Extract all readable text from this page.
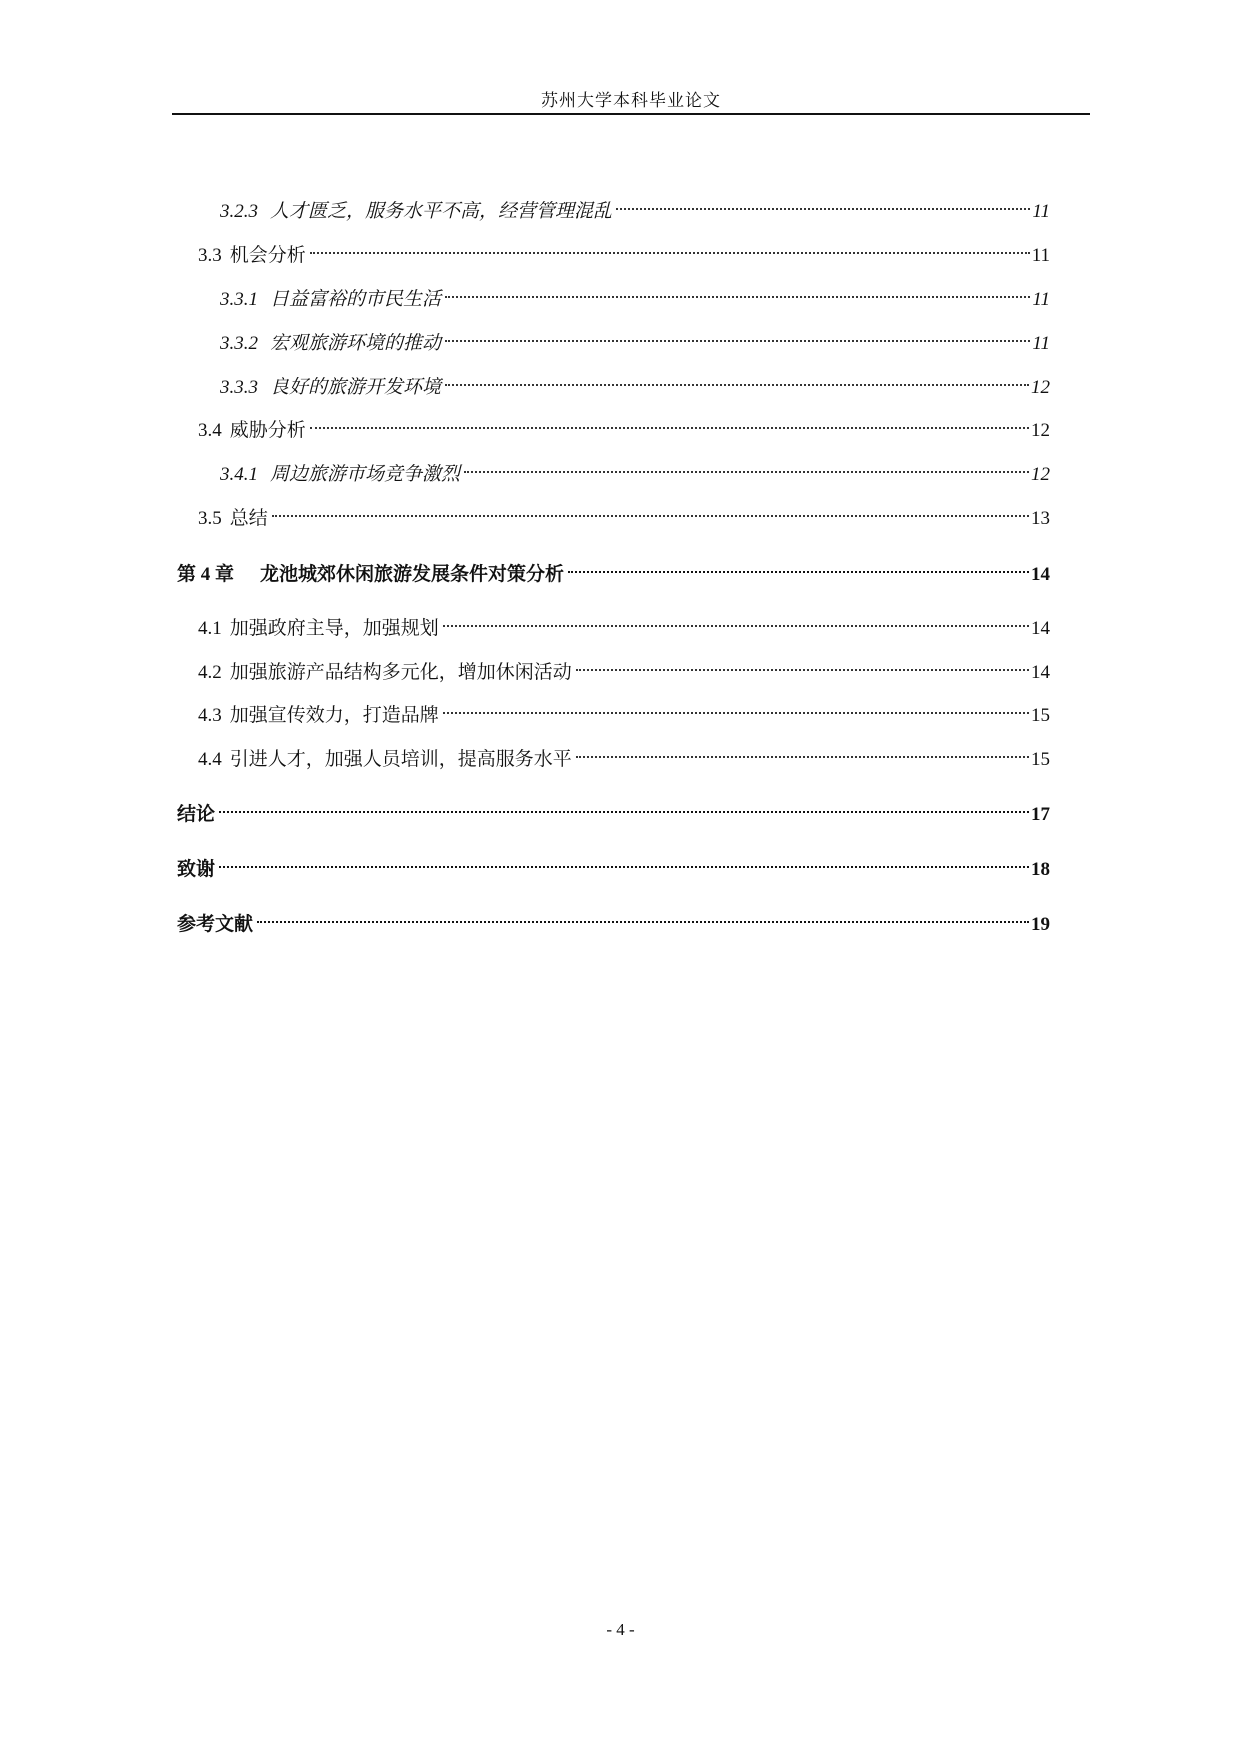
苏州大学本科毕业论文
3.2.3 人才匮乏，服务水平不高，经营管理混乱	11
3.3 机会分析	11
3.3.1 日益富裕的市民生活	11
3.3.2 宏观旅游环境的推动	11
3.3.3 良好的旅游开发环境	12
3.4 威胁分析	12
3.4.1 周边旅游市场竞争激烈	12
3.5 总结	13
第 4 章 龙池城郊休闲旅游发展条件对策分析	14
4.1 加强政府主导，加强规划	14
4.2 加强旅游产品结构多元化，增加休闲活动	14
4.3 加强宣传效力，打造品牌	15
4.4 引进人才，加强人员培训，提高服务水平	15
结论	17
致谢	18
参考文献	19
- 4 -
